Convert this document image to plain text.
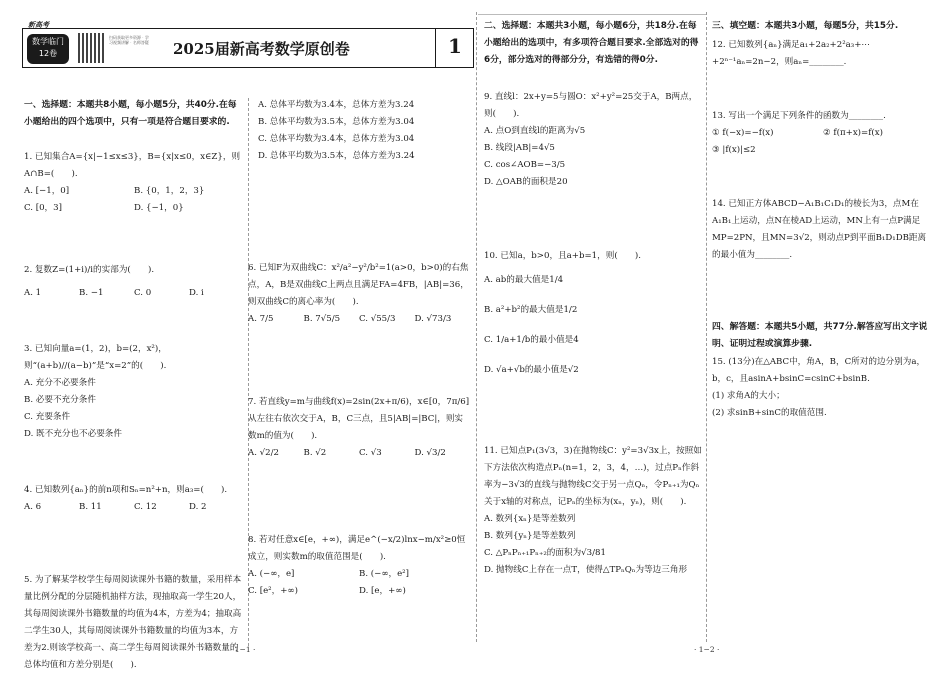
新高考
数学临门12卷
扫码获取更多资源 · 学习视频讲解 · 名师答疑 2025届新高考数学原创卷	1
一、选择题：本题共8小题，每小题5分，共40分.在每小题给出的四个选项中，只有一项是符合题目要求的.

1. 已知集合A={x|−1≤x≤3}，B={x|x≤0，x∈Z}，则A∩B=(　　).

A. [−1，0]	B. {0，1，2，3}
C. [0，3]	D. {−1，0}

2. 复数Z=(1+i)/i的实部为(　　).

A. 1	B. −1	C. 0	D. i

3. 已知向量a=(1，2)，b=(2，x²)，则“(a+b)//(a−b)”是“x=2”的(　　).

A. 充分不必要条件
B. 必要不充分条件
C. 充要条件
D. 既不充分也不必要条件

4. 已知数列{aₙ}的前n项和Sₙ=n²+n，则a₃=(　　).

A. 6	B. 11	C. 12	D. 2

5. 为了解某学校学生每周阅读课外书籍的数量，采用样本量比例分配的分层随机抽样方法，现抽取高一学生20人，其每周阅读课外书籍数量的均值为4本，方差为4；抽取高二学生30人，其每周阅读课外书籍数量的均值为3本，方差为2.则该学校高一、高二学生每周阅读课外书籍数量的总体均值和方差分别是(　　).

A. 总体平均数为3.4本，总体方差为3.24
B. 总体平均数为3.5本，总体方差为3.04
C. 总体平均数为3.4本，总体方差为3.04
D. 总体平均数为3.5本，总体方差为3.24

6. 已知F为双曲线C：x²/a²−y²/b²=1(a>0，b>0)的右焦点，A，B是双曲线C上两点且满足FA=4FB，|AB|=36，则双曲线C的离心率为(　　).

A. 7/5	B. 7√5/5	C. √55/3	D. √73/3

7. 若直线y=m与曲线f(x)=2sin(2x+π/6)，x∈[0，7π/6]从左往右依次交于A，B，C三点，且5|AB|=|BC|，则实数m的值为(　　).

A. √2/2	B. √2	C. √3	D. √3/2

8. 若对任意x∈[e，+∞)，满足e^(−x/2)lnx−m/x²≥0恒成立，则实数m的取值范围是(　　).

A. (−∞，e]	B. (−∞，e²]
C. [e²，+∞)	D. [e，+∞)
二、选择题：本题共3小题，每小题6分，共18分.在每小题给出的选项中，有多项符合题目要求.全部选对的得6分，部分选对的得部分分，有选错的得0分.

9. 直线l：2x+y=5与圆O：x²+y²=25交于A，B两点，则(　　).

A. 点O到直线l的距离为√5
B. 线段|AB|=4√5
C. cos∠AOB=−3/5
D. △OAB的面积是20

10. 已知a，b>0，且a+b=1，则(　　).

A. ab的最大值是1/4
B. a²+b²的最大值是1/2
C. 1/a+1/b的最小值是4
D. √a+√b的最小值是√2

11. 已知点P₁(3√3，3)在抛物线C：y²=3√3x上，按照如下方法依次构造点Pₙ(n=1，2，3，4，…)，过点Pₙ作斜率为−3√3的直线与抛物线C交于另一点Qₙ，令Pₙ₊₁为Qₙ关于x轴的对称点，记Pₙ的坐标为(xₙ，yₙ)，则(　　).

A. 数列{xₙ}是等差数列
B. 数列{yₙ}是等差数列
C. △PₙPₙ₊₁Pₙ₊₂的面积为√3/81
D. 抛物线C上存在一点T，使得△TPₙQₙ为等边三角形
三、填空题：本题共3小题，每题5分，共15分.

12. 已知数列{aₙ}满足a₁+2a₂+2²a₃+⋯+2ⁿ⁻¹aₙ=2n−2，则aₙ=________.

13. 写出一个满足下列条件的函数为________.

① f(−x)=−f(x)	② f(π+x)=f(x)
③ |f(x)|≤2

14. 已知正方体ABCD−A₁B₁C₁D₁的棱长为3，点M在A₁B₁上运动，点N在棱AD上运动，MN上有一点P满足MP=2PN，且MN=3√2，则动点P到平面B₁D₁DB距离的最小值为________.

四、解答题：本题共5小题，共77分.解答应写出文字说明、证明过程或演算步骤.

15. (13分)在△ABC中，角A，B，C所对的边分别为a，b，c，且asinA+bsinC=csinC+bsinB.

(1) 求角A的大小；
(2) 求sinB+sinC的取值范围.
· 1−1 ·	· 1−2 ·
